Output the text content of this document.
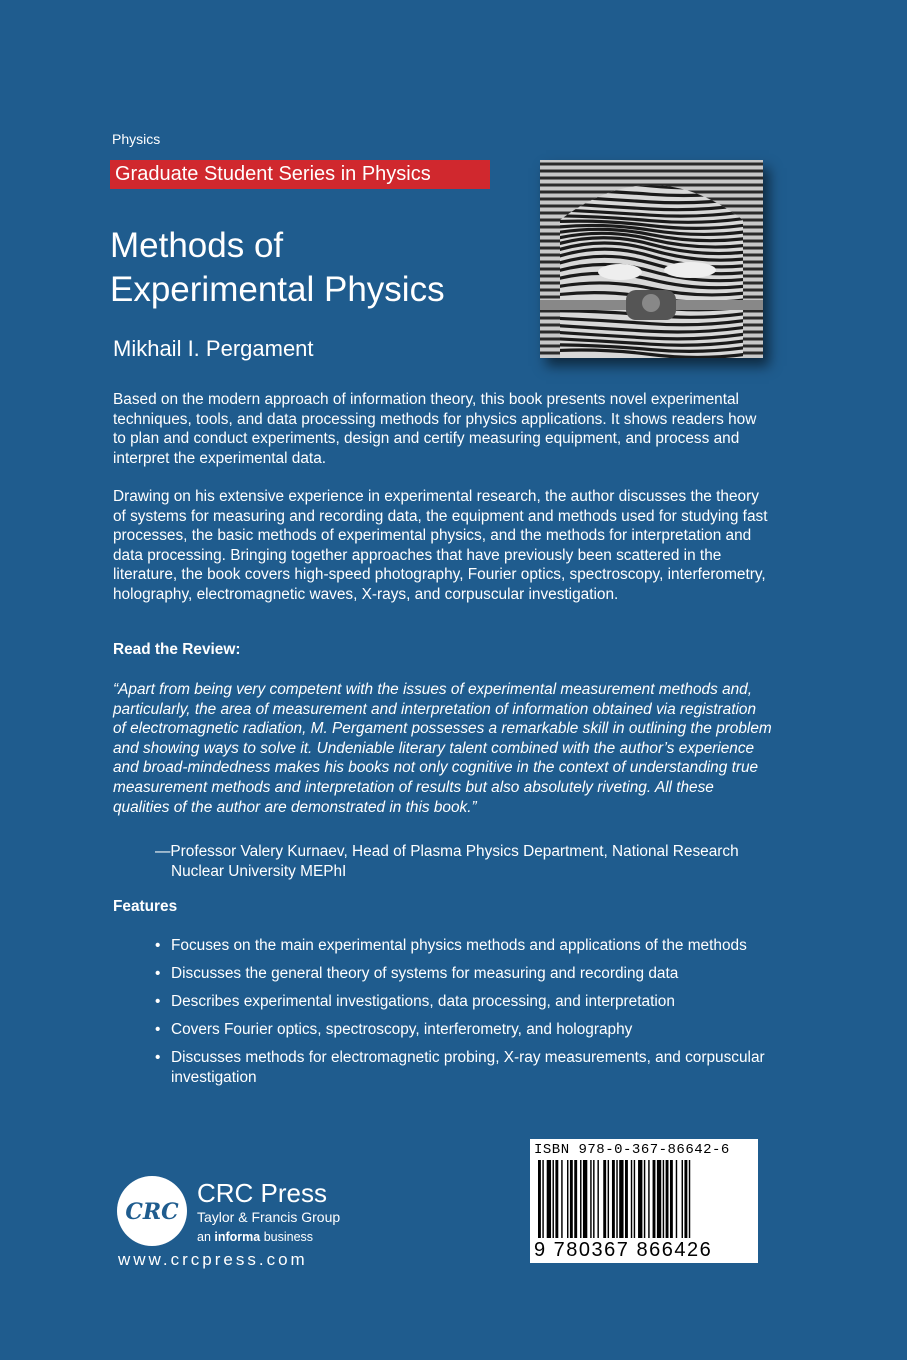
Physics
Graduate Student Series in Physics
Methods of
Experimental Physics
Mikhail I. Pergament
Based on the modern approach of information theory, this book presents novel experimental techniques, tools, and data processing methods for physics applications. It shows readers how to plan and conduct experiments, design and certify measuring equipment, and process and interpret the experimental data.
Drawing on his extensive experience in experimental research, the author discusses the theory of systems for measuring and recording data, the equipment and methods used for studying fast processes, the basic methods of experimental physics, and the methods for interpretation and data processing. Bringing together approaches that have previously been scattered in the literature, the book covers high-speed photography, Fourier optics, spectroscopy, interferometry, holography, electromagnetic waves, X-rays, and corpuscular investigation.
Read the Review:
“Apart from being very competent with the issues of experimental measurement methods and, particularly, the area of measurement and interpretation of information obtained via registration of electromagnetic radiation, M. Pergament possesses a remarkable skill in outlining the problem and showing ways to solve it. Undeniable literary talent combined with the author’s experience and broad-mindedness makes his books not only cognitive in the context of understanding true measurement methods and interpretation of results but also absolutely riveting. All these qualities of the author are demonstrated in this book.”
—Professor Valery Kurnaev, Head of Plasma Physics Department, National Research Nuclear University MEPhI
Features
• Focuses on the main experimental physics methods and applications of the methods
• Discusses the general theory of systems for measuring and recording data
• Describes experimental investigations, data processing, and interpretation
• Covers Fourier optics, spectroscopy, interferometry, and holography
• Discusses methods for electromagnetic probing, X-ray measurements, and corpuscular investigation
CRC
CRC Press
Taylor & Francis Group
an informa business
www.crcpress.com
ISBN 978-0-367-86642-6
9 780367 866426
